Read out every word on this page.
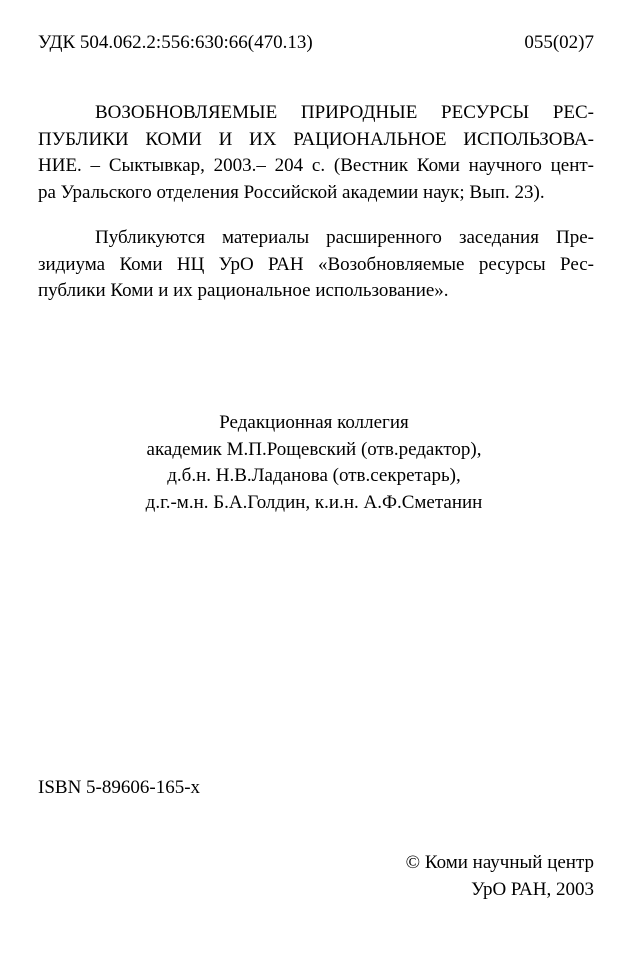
УДК 504.062.2:556:630:66(470.13)	055(02)7
ВОЗОБНОВЛЯЕМЫЕ ПРИРОДНЫЕ РЕСУРСЫ РЕС-
ПУБЛИКИ КОМИ И ИХ РАЦИОНАЛЬНОЕ ИСПОЛЬЗОВА-
НИЕ. – Сыктывкар, 2003.– 204 с. (Вестник Коми научного цент-
ра Уральского отделения Российской академии наук; Вып. 23).
Публикуются материалы расширенного заседания Пре-
зидиума Коми НЦ УрО РАН «Возобновляемые ресурсы Рес-
публики Коми и их рациональное использование».
Редакционная коллегия
академик М.П.Рощевский (отв.редактор),
д.б.н. Н.В.Ладанова (отв.секретарь),
д.г.-м.н. Б.А.Голдин, к.и.н. А.Ф.Сметанин
ISBN 5-89606-165-x
© Коми научный центр
УрО РАН, 2003
